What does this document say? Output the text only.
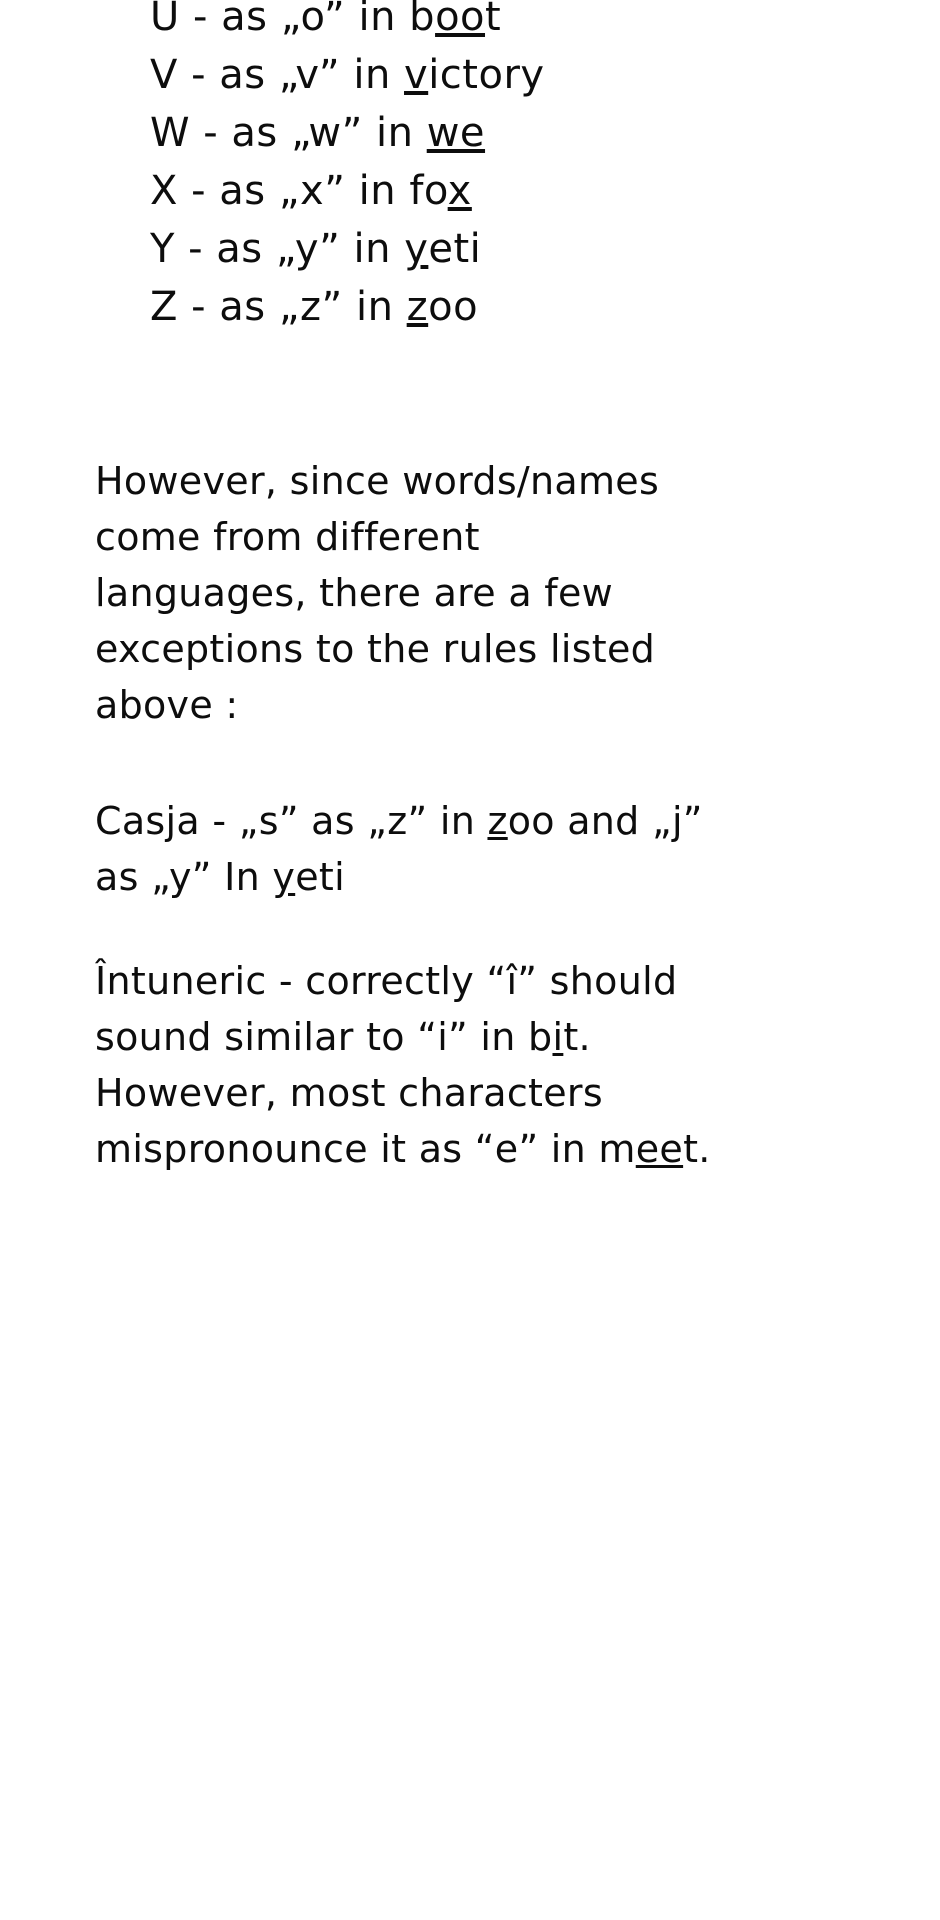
U - as „o” in boot
V - as „v” in victory
W - as „w” in we
X - as „x” in fox
Y - as „y” in yeti
Z - as „z” in zoo

However, since words/names come from different languages, there are a few exceptions to the rules listed above :

Casja - „s” as „z” in zoo and „j” as „y” In yeti

Întuneric - correctly “î” should sound similar to “i” in bit. However, most characters mispronounce it as “e” in meet.
